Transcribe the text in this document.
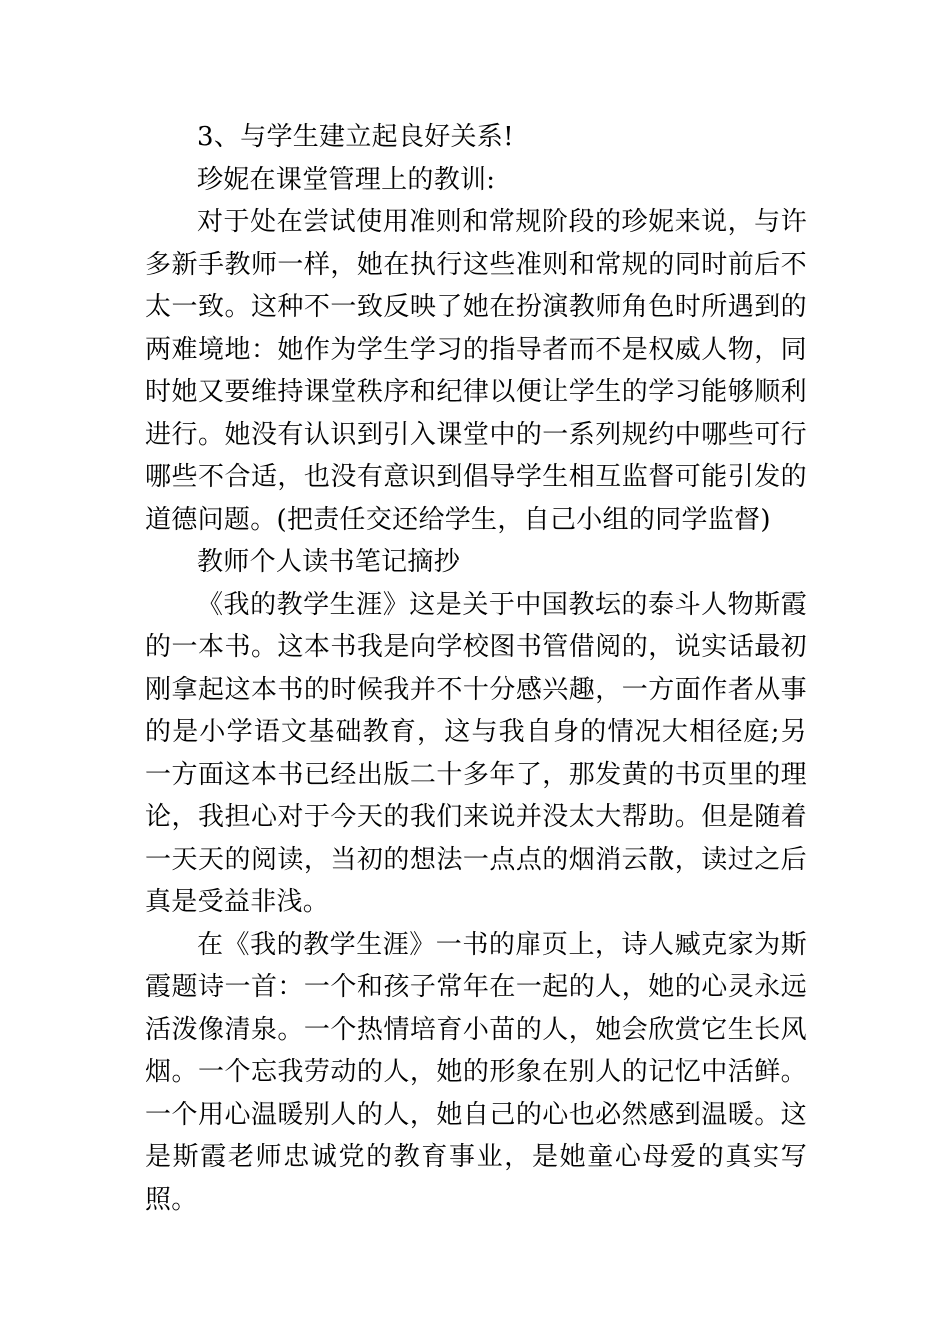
3、与学生建立起良好关系!

珍妮在课堂管理上的教训:

对于处在尝试使用准则和常规阶段的珍妮来说，与许多新手教师一样，她在执行这些准则和常规的同时前后不太一致。这种不一致反映了她在扮演教师角色时所遇到的两难境地：她作为学生学习的指导者而不是权威人物，同时她又要维持课堂秩序和纪律以便让学生的学习能够顺利进行。她没有认识到引入课堂中的一系列规约中哪些可行哪些不合适，也没有意识到倡导学生相互监督可能引发的道德问题。(把责任交还给学生，自己小组的同学监督)

教师个人读书笔记摘抄

《我的教学生涯》这是关于中国教坛的泰斗人物斯霞的一本书。这本书我是向学校图书管借阅的，说实话最初刚拿起这本书的时候我并不十分感兴趣，一方面作者从事的是小学语文基础教育，这与我自身的情况大相径庭;另一方面这本书已经出版二十多年了，那发黄的书页里的理论，我担心对于今天的我们来说并没太大帮助。但是随着一天天的阅读，当初的想法一点点的烟消云散，读过之后真是受益非浅。

在《我的教学生涯》一书的扉页上，诗人臧克家为斯霞题诗一首：一个和孩子常年在一起的人，她的心灵永远活泼像清泉。一个热情培育小苗的人，她会欣赏它生长风烟。一个忘我劳动的人，她的形象在别人的记忆中活鲜。一个用心温暖别人的人，她自己的心也必然感到温暖。这是斯霞老师忠诚党的教育事业，是她童心母爱的真实写照。
